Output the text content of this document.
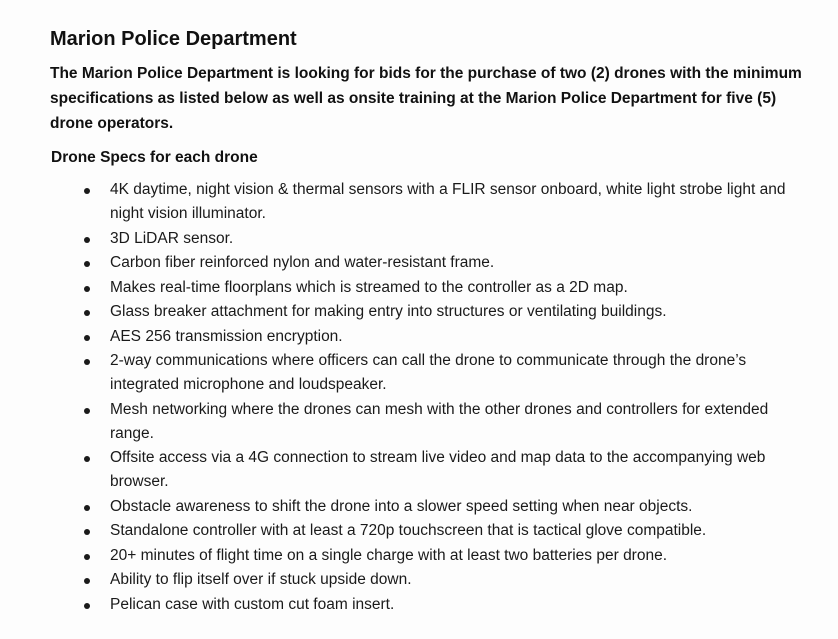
Marion Police Department
The Marion Police Department is looking for bids for the purchase of two (2) drones with the minimum specifications as listed below as well as onsite training at the Marion Police Department for five (5) drone operators.
Drone Specs for each drone
4K daytime, night vision & thermal sensors with a FLIR sensor onboard, white light strobe light and night vision illuminator.
3D LiDAR sensor.
Carbon fiber reinforced nylon and water-resistant frame.
Makes real-time floorplans which is streamed to the controller as a 2D map.
Glass breaker attachment for making entry into structures or ventilating buildings.
AES 256 transmission encryption.
2-way communications where officers can call the drone to communicate through the drone’s integrated microphone and loudspeaker.
Mesh networking where the drones can mesh with the other drones and controllers for extended range.
Offsite access via a 4G connection to stream live video and map data to the accompanying web browser.
Obstacle awareness to shift the drone into a slower speed setting when near objects.
Standalone controller with at least a 720p touchscreen that is tactical glove compatible.
20+ minutes of flight time on a single charge with at least two batteries per drone.
Ability to flip itself over if stuck upside down.
Pelican case with custom cut foam insert.
